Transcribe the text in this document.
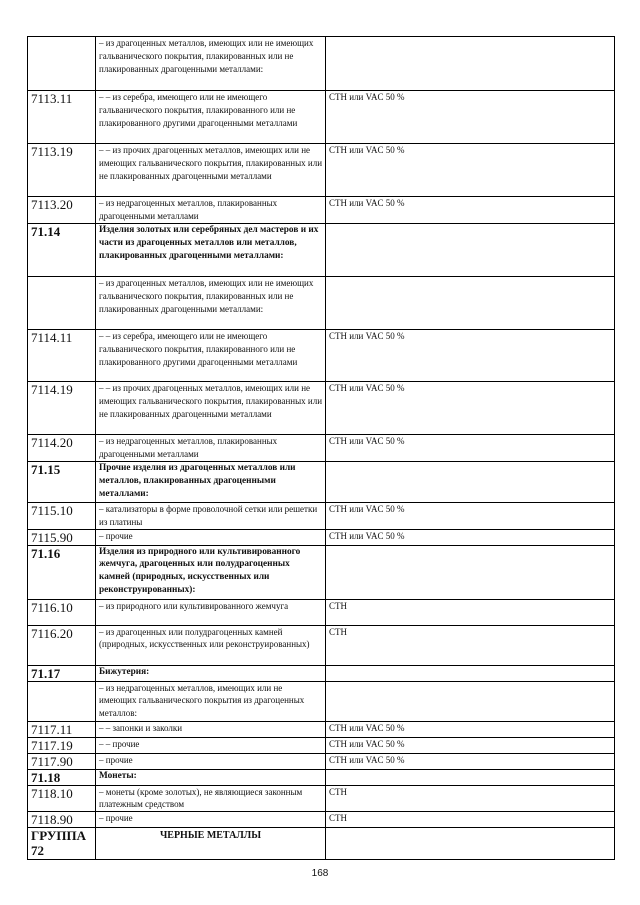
	– из драгоценных металлов, имеющих или не имеющих гальванического покрытия, плакированных или не плакированных драгоценными металлами:	
7113.11	– – из серебра, имеющего или не имеющего гальванического покрытия, плакированного или не плакированного другими драгоценными металлами	СТН или VAC 50 %
7113.19	– – из прочих драгоценных металлов, имеющих или не имеющих гальванического покрытия, плакированных или не плакированных драгоценными металлами	СТН или VAC 50 %
7113.20	– из недрагоценных металлов, плакированных драгоценными металлами	СТН или VAC 50 %
71.14	Изделия золотых или серебряных дел мастеров и их части из драгоценных металлов или металлов, плакированных драгоценными металлами:	
	– из драгоценных металлов, имеющих или не имеющих гальванического покрытия, плакированных или не плакированных драгоценными металлами:	
7114.11	– – из серебра, имеющего или не имеющего гальванического покрытия, плакированного или не плакированного другими драгоценными металлами	СТН или VAC 50 %
7114.19	– – из прочих драгоценных металлов, имеющих или не имеющих гальванического покрытия, плакированных или не плакированных драгоценными металлами	СТН или VAC 50 %
7114.20	– из недрагоценных металлов, плакированных драгоценными металлами	СТН или VAC 50 %
71.15	Прочие изделия из драгоценных металлов или металлов, плакированных драгоценными металлами:	
7115.10	– катализаторы в форме проволочной сетки или решетки из платины	СТН или VAC 50 %
7115.90	– прочие	СТН или VAC 50 %
71.16	Изделия из природного или культивированного жемчуга, драгоценных или полудрагоценных камней (природных, искусственных или реконструированных):	
7116.10	– из природного или культивированного жемчуга	СТН
7116.20	– из драгоценных или полудрагоценных камней (природных, искусственных или реконструированных)	СТН
71.17	Бижутерия:	
	– из недрагоценных металлов, имеющих или не имеющих гальванического покрытия из драгоценных металлов:	
7117.11	– – запонки и заколки	СТН или VAC 50 %
7117.19	– – прочие	СТН или VAC 50 %
7117.90	– прочие	СТН или VAC 50 %
71.18	Монеты:	
7118.10	– монеты (кроме золотых), не являющиеся законным платежным средством	СТН
7118.90	– прочие	СТН
ГРУППА 72	ЧЕРНЫЕ МЕТАЛЛЫ	
168
